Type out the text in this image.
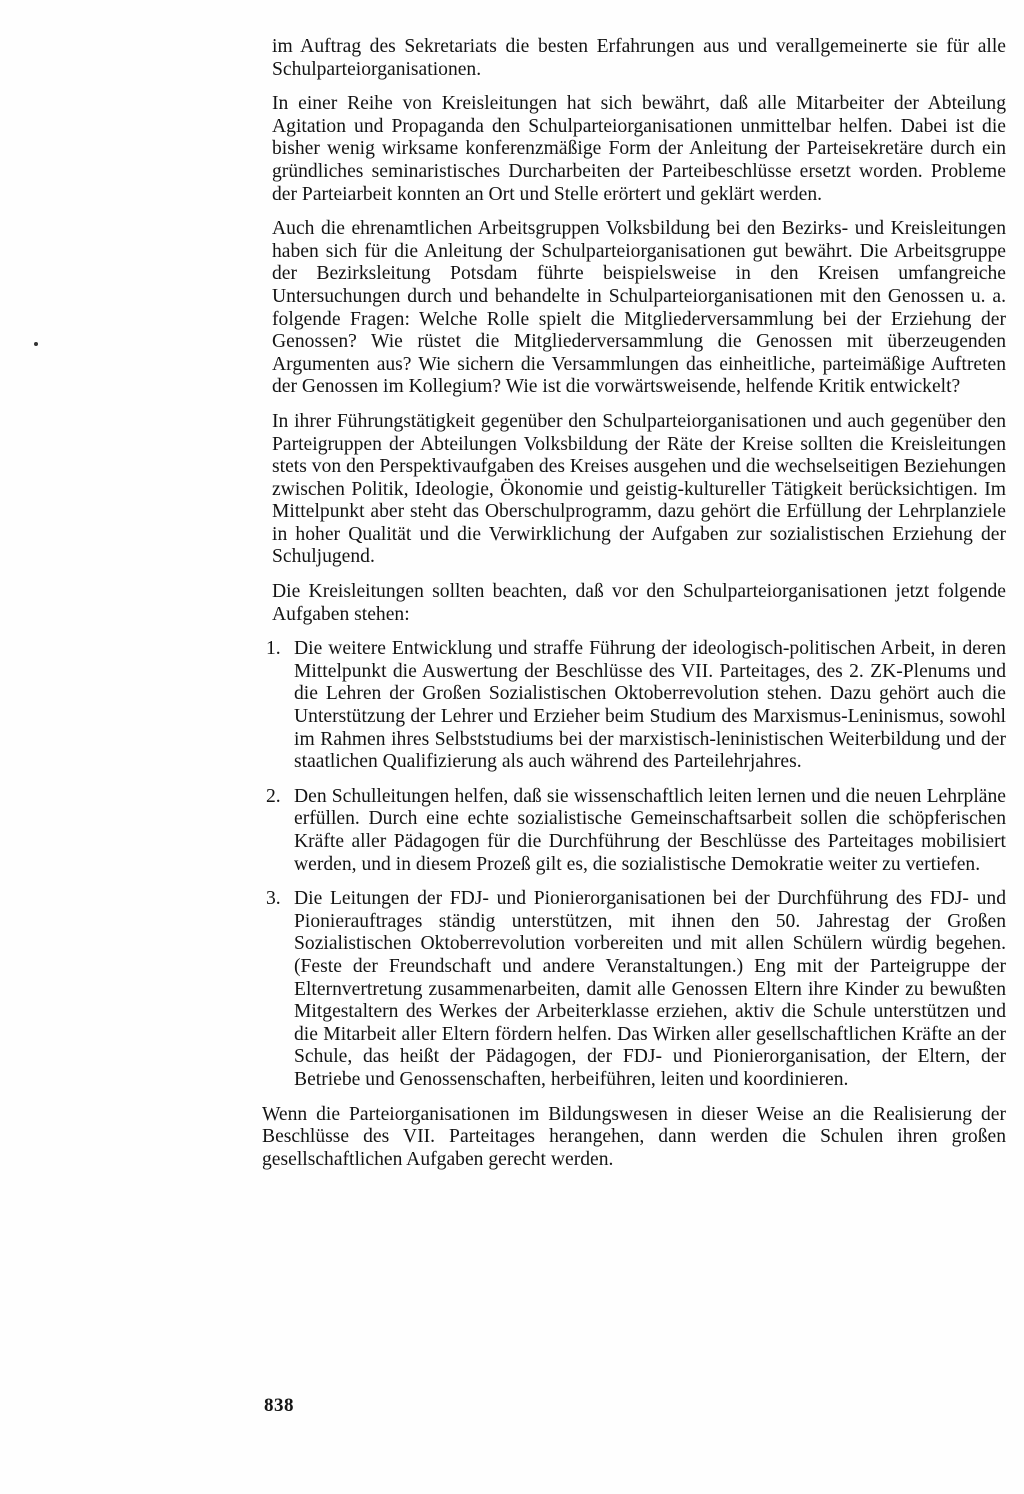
im Auftrag des Sekretariats die besten Erfahrungen aus und verallgemeinerte sie für alle Schulparteiorganisationen.

In einer Reihe von Kreisleitungen hat sich bewährt, daß alle Mitarbeiter der Abteilung Agitation und Propaganda den Schulparteiorganisationen unmittelbar helfen. Dabei ist die bisher wenig wirksame konferenzmäßige Form der Anleitung der Parteisekretäre durch ein gründliches seminaristisches Durcharbeiten der Parteibeschlüsse ersetzt worden. Probleme der Parteiarbeit konnten an Ort und Stelle erörtert und geklärt werden.

Auch die ehrenamtlichen Arbeitsgruppen Volksbildung bei den Bezirks- und Kreisleitungen haben sich für die Anleitung der Schulparteiorganisationen gut bewährt. Die Arbeitsgruppe der Bezirksleitung Potsdam führte beispielsweise in den Kreisen umfangreiche Untersuchungen durch und behandelte in Schulparteiorganisationen mit den Genossen u. a. folgende Fragen: Welche Rolle spielt die Mitgliederversammlung bei der Erziehung der Genossen? Wie rüstet die Mitgliederversammlung die Genossen mit überzeugenden Argumenten aus? Wie sichern die Versammlungen das einheitliche, parteimäßige Auftreten der Genossen im Kollegium? Wie ist die vorwärtsweisende, helfende Kritik entwickelt?

In ihrer Führungstätigkeit gegenüber den Schulparteiorganisationen und auch gegenüber den Parteigruppen der Abteilungen Volksbildung der Räte der Kreise sollten die Kreisleitungen stets von den Perspektivaufgaben des Kreises ausgehen und die wechselseitigen Beziehungen zwischen Politik, Ideologie, Ökonomie und geistig-kultureller Tätigkeit berücksichtigen. Im Mittelpunkt aber steht das Oberschulprogramm, dazu gehört die Erfüllung der Lehrplanziele in hoher Qualität und die Verwirklichung der Aufgaben zur sozialistischen Erziehung der Schuljugend.

Die Kreisleitungen sollten beachten, daß vor den Schulparteiorganisationen jetzt folgende Aufgaben stehen:

1. Die weitere Entwicklung und straffe Führung der ideologisch-politischen Arbeit, in deren Mittelpunkt die Auswertung der Beschlüsse des VII. Parteitages, des 2. ZK-Plenums und die Lehren der Großen Sozialistischen Oktoberrevolution stehen. Dazu gehört auch die Unterstützung der Lehrer und Erzieher beim Studium des Marxismus-Leninismus, sowohl im Rahmen ihres Selbststudiums bei der marxistisch-leninistischen Weiterbildung und der staatlichen Qualifizierung als auch während des Parteilehrjahres.
2. Den Schulleitungen helfen, daß sie wissenschaftlich leiten lernen und die neuen Lehrpläne erfüllen. Durch eine echte sozialistische Gemeinschaftsarbeit sollen die schöpferischen Kräfte aller Pädagogen für die Durchführung der Beschlüsse des Parteitages mobilisiert werden, und in diesem Prozeß gilt es, die sozialistische Demokratie weiter zu vertiefen.
3. Die Leitungen der FDJ- und Pionierorganisationen bei der Durchführung des FDJ- und Pionierauftrages ständig unterstützen, mit ihnen den 50. Jahrestag der Großen Sozialistischen Oktoberrevolution vorbereiten und mit allen Schülern würdig begehen. (Feste der Freundschaft und andere Veranstaltungen.) Eng mit der Parteigruppe der Elternvertretung zusammenarbeiten, damit alle Genossen Eltern ihre Kinder zu bewußten Mitgestaltern des Werkes der Arbeiterklasse erziehen, aktiv die Schule unterstützen und die Mitarbeit aller Eltern fördern helfen. Das Wirken aller gesellschaftlichen Kräfte an der Schule, das heißt der Pädagogen, der FDJ- und Pionierorganisation, der Eltern, der Betriebe und Genossenschaften, herbeiführen, leiten und koordinieren.

Wenn die Parteiorganisationen im Bildungswesen in dieser Weise an die Realisierung der Beschlüsse des VII. Parteitages herangehen, dann werden die Schulen ihren großen gesellschaftlichen Aufgaben gerecht werden.

838
